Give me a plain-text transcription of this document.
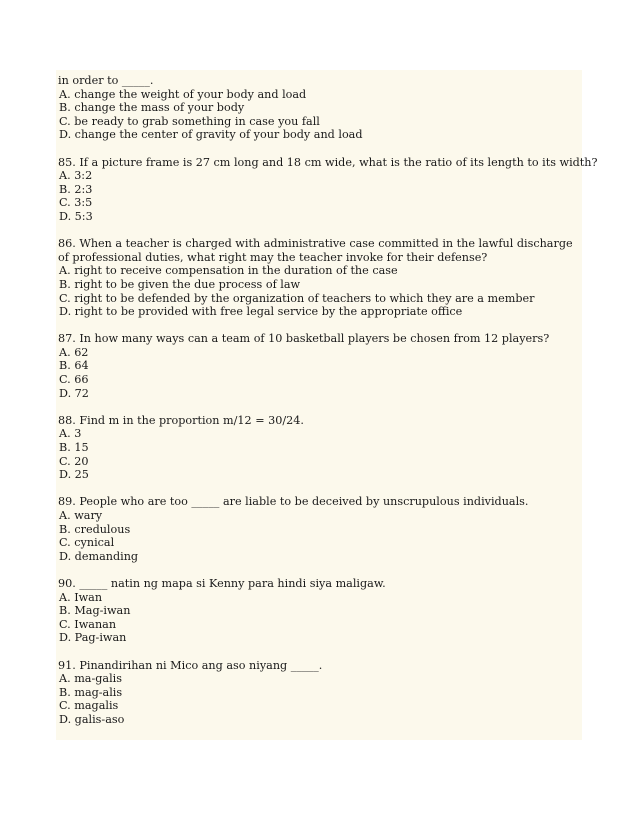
in order to _____.
A. change the weight of your body and load
B. change the mass of your body
C. be ready to grab something in case you fall
D. change the center of gravity of your body and load
85. If a picture frame is 27 cm long and 18 cm wide, what is the ratio of its length to its width?
A. 3:2
B. 2:3
C. 3:5
D. 5:3
86. When a teacher is charged with administrative case committed in the lawful discharge of professional duties, what right may the teacher invoke for their defense?
A. right to receive compensation in the duration of the case
B. right to be given the due process of law
C. right to be defended by the organization of teachers to which they are a member
D. right to be provided with free legal service by the appropriate office
87. In how many ways can a team of 10 basketball players be chosen from 12 players?
A. 62
B. 64
C. 66
D. 72
88. Find m in the proportion m/12 = 30/24.
A. 3
B. 15
C. 20
D. 25
89. People who are too _____ are liable to be deceived by unscrupulous individuals.
A. wary
B. credulous
C. cynical
D. demanding
90. _____ natin ng mapa si Kenny para hindi siya maligaw.
A. Iwan
B. Mag-iwan
C. Iwanan
D. Pag-iwan
91. Pinandirihan ni Mico ang aso niyang _____.
A. ma-galis
B. mag-alis
C. magalis
D. galis-aso
